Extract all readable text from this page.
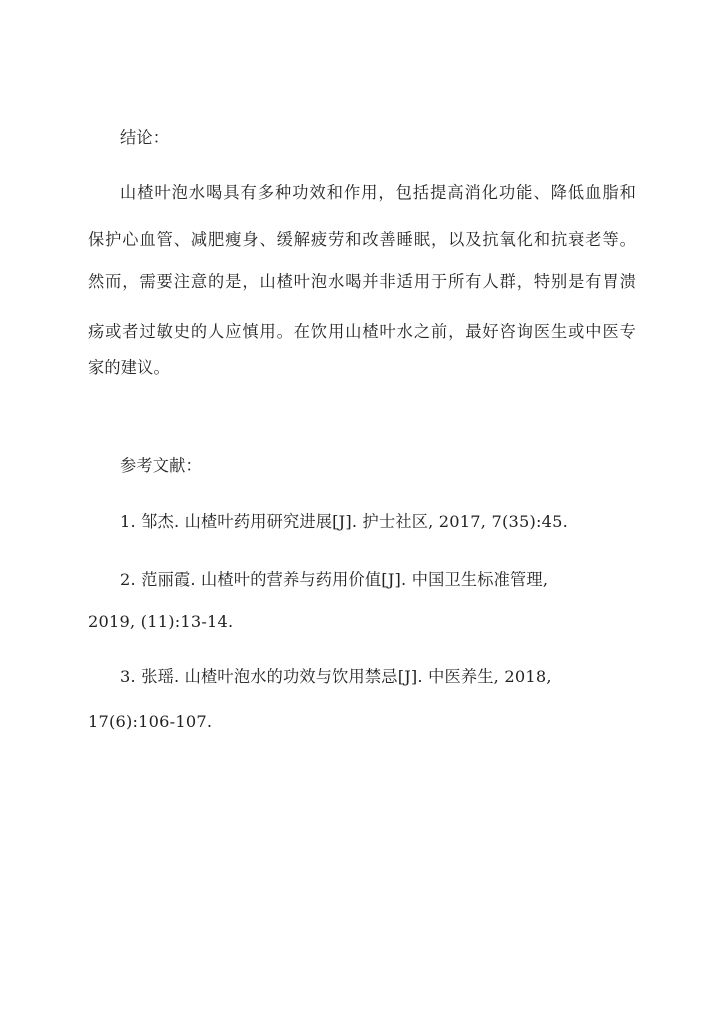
结论：
山楂叶泡水喝具有多种功效和作用，包括提高消化功能、降低血脂和
保护心血管、减肥瘦身、缓解疲劳和改善睡眠，以及抗氧化和抗衰老等。
然而，需要注意的是，山楂叶泡水喝并非适用于所有人群，特别是有胃溃
疡或者过敏史的人应慎用。在饮用山楂叶水之前，最好咨询医生或中医专
家的建议。
参考文献：
1. 邹杰. 山楂叶药用研究进展[J]. 护士社区, 2017, 7(35):45.
2. 范丽霞. 山楂叶的营养与药用价值[J]. 中国卫生标准管理,
2019, (11):13-14.
3. 张瑶. 山楂叶泡水的功效与饮用禁忌[J]. 中医养生, 2018,
17(6):106-107.
